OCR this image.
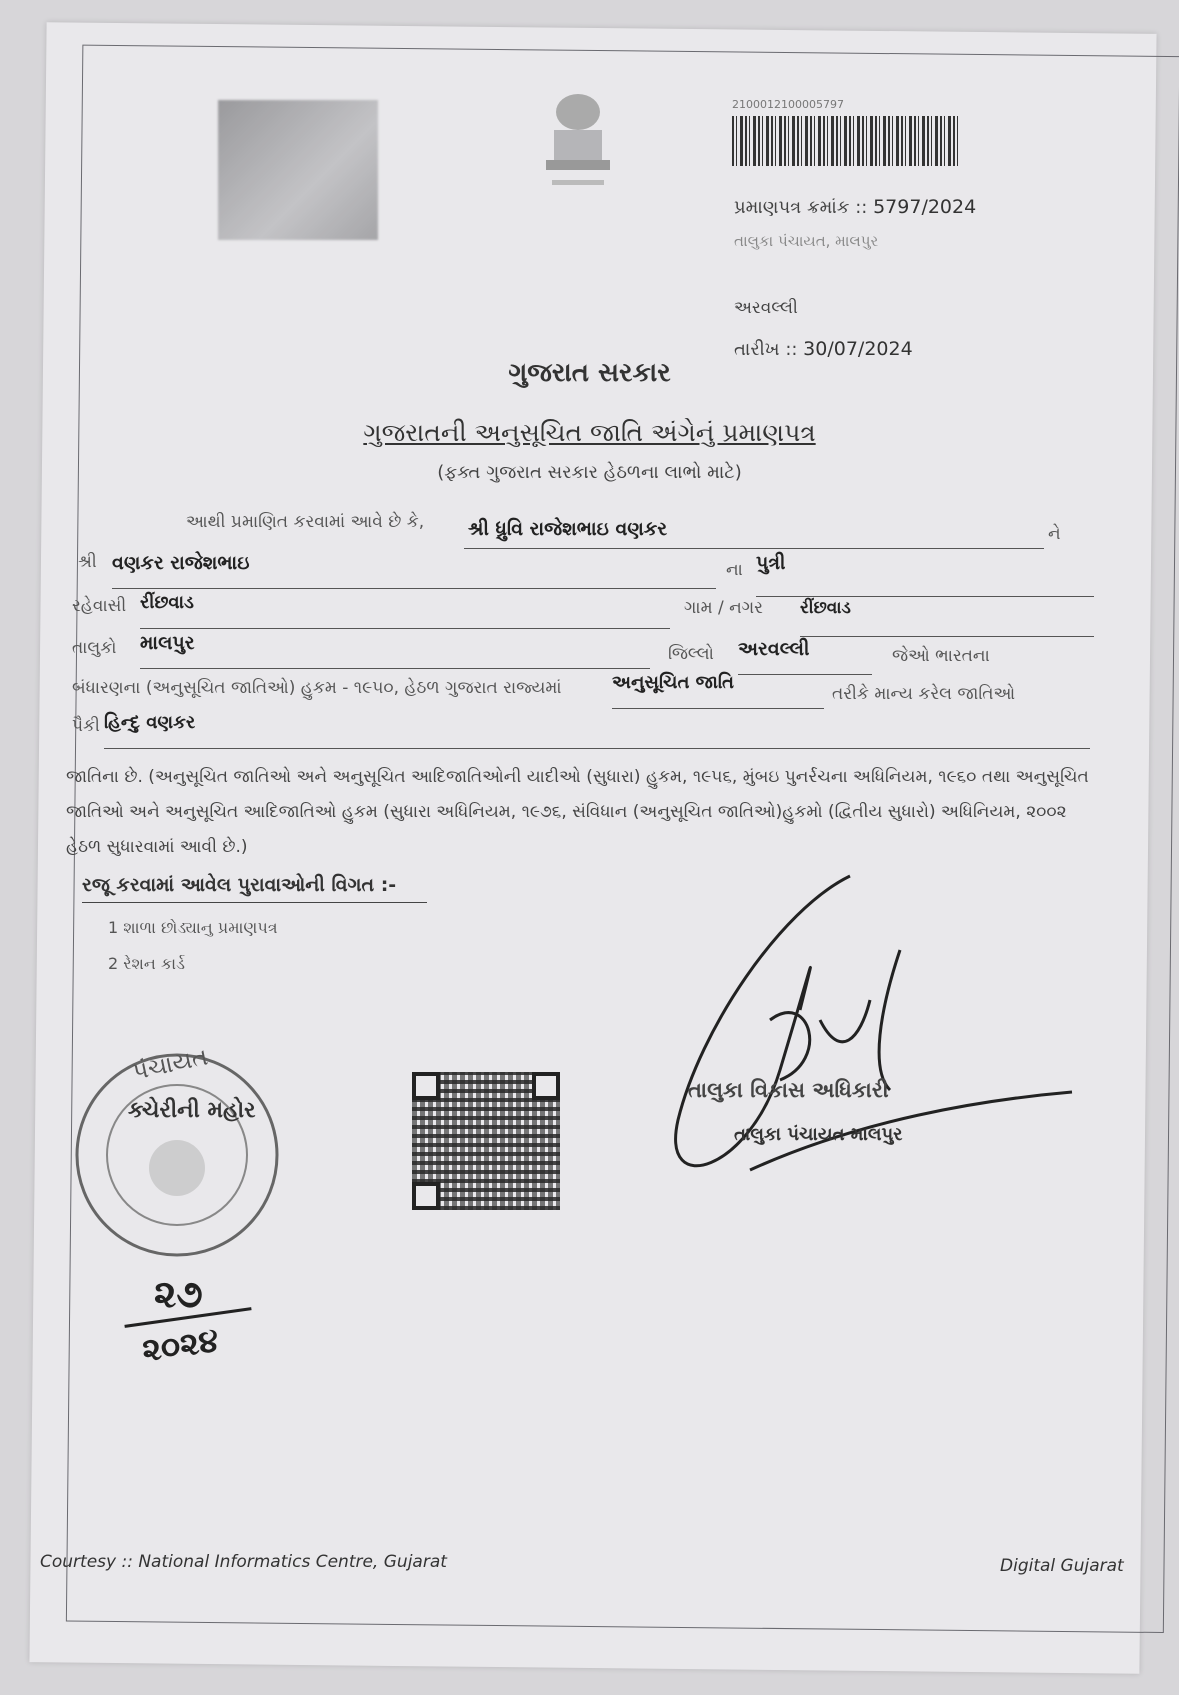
2100012100005797
પ્રમાણપત્ર ક્રમાંક :: 5797/2024
તાલુકા પંચાયત, માલપુર
અરવલ્લી
તારીખ :: 30/07/2024
ગુજરાત સરકાર
ગુજરાતની અનુસૂચિત જાતિ અંગેનું પ્રમાણપત્ર
(ફક્ત ગુજરાત સરકાર હેઠળના લાભો માટે)
આથી પ્રમાણિત કરવામાં આવે છે કે, શ્રી ધ્રુવિ રાજેશભાઇ વણકર	ને
શ્રી વણકર રાજેશભાઇ	ના પુત્રી
રહેવાસી રીંછવાડ	ગામ / નગર રીંછવાડ
તાલુકો માલપુર	જિલ્લો અરવલ્લી	જેઓ ભારતના
બંધારણના (અનુસૂચિત જાતિઓ) હુકમ - ૧૯૫૦, હેઠળ ગુજરાત રાજ્યમાં	અનુસૂચિત જાતિ
તરીકે માન્ય કરેલ જાતિઓ
પૈકી હિન્દુ વણકર
જાતિના છે. (અનુસૂચિત જાતિઓ અને અનુસૂચિત આદિજાતિઓની યાદીઓ (સુધારા) હુકમ, ૧૯૫૬, મુંબઇ પુનર્રચના અધિનિયમ, ૧૯૬૦ તથા અનુસૂચિત જાતિઓ અને અનુસૂચિત આદિજાતિઓ હુકમ (સુધારા અધિનિયમ, ૧૯૭૬, સંવિધાન (અનુસૂચિત જાતિઓ)હુકમો (દ્વિતીય સુધારો) અધિનિયમ, ૨૦૦૨ હેઠળ સુધારવામાં આવી છે.)
રજૂ કરવામાં આવેલ પુરાવાઓની વિગત :-
1 શાળા છોડ્યાનુ પ્રમાણપત્ર
2 રેશન કાર્ડ
પંચાયત
ક્ચેરીની મહોર
૨૭
૨૦૨૪
તાલુકા વિકાસ અધિકારી
તાલુકા પંચાયત માલપુર
Courtesy :: National Informatics Centre, Gujarat	Digital Gujarat
